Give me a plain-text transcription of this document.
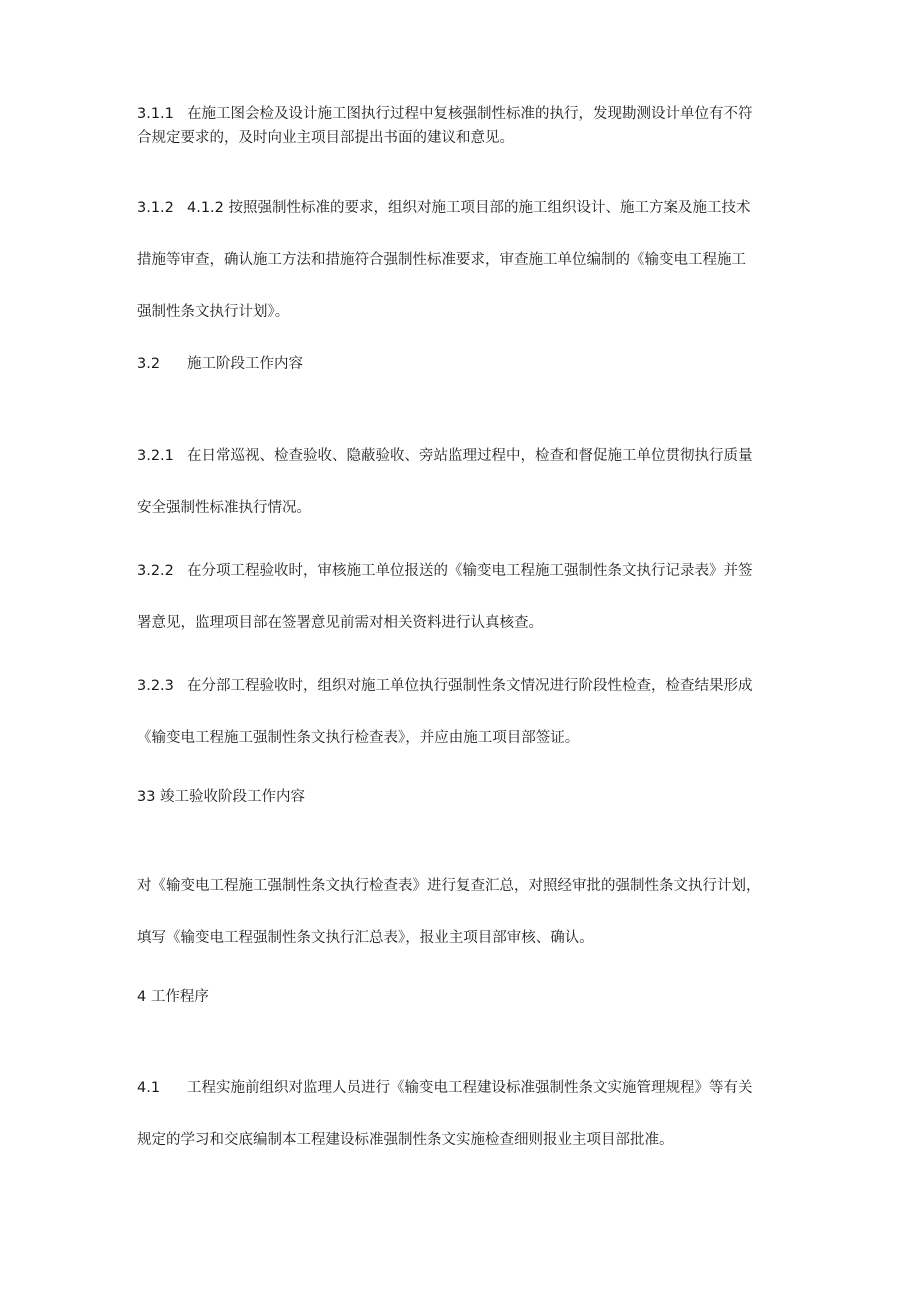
3.1.1 在施工图会检及设计施工图执行过程中复核强制性标准的执行，发现勘测设计单位有不符
合规定要求的，及时向业主项目部提出书面的建议和意见。
3.1.2 4.1.2 按照强制性标准的要求，组织对施工项目部的施工组织设计、施工方案及施工技术
措施等审查，确认施工方法和措施符合强制性标准要求，审查施工单位编制的《输变电工程施工
强制性条文执行计划》。
3.2 施工阶段工作内容
3.2.1 在日常巡视、检查验收、隐蔽验收、旁站监理过程中，检查和督促施工单位贯彻执行质量
安全强制性标准执行情况。
3.2.2 在分项工程验收时，审核施工单位报送的《输变电工程施工强制性条文执行记录表》并签
署意见，监理项目部在签署意见前需对相关资料进行认真核查。
3.2.3 在分部工程验收时，组织对施工单位执行强制性条文情况进行阶段性检查，检查结果形成
《输变电工程施工强制性条文执行检查表》，并应由施工项目部签证。
33 竣工验收阶段工作内容
对《输变电工程施工强制性条文执行检查表》进行复查汇总，对照经审批的强制性条文执行计划，
填写《输变电工程强制性条文执行汇总表》，报业主项目部审核、确认。
4 工作程序
4.1 工程实施前组织对监理人员进行《输变电工程建设标准强制性条文实施管理规程》等有关
规定的学习和交底编制本工程建设标准强制性条文实施检查细则报业主项目部批准。
